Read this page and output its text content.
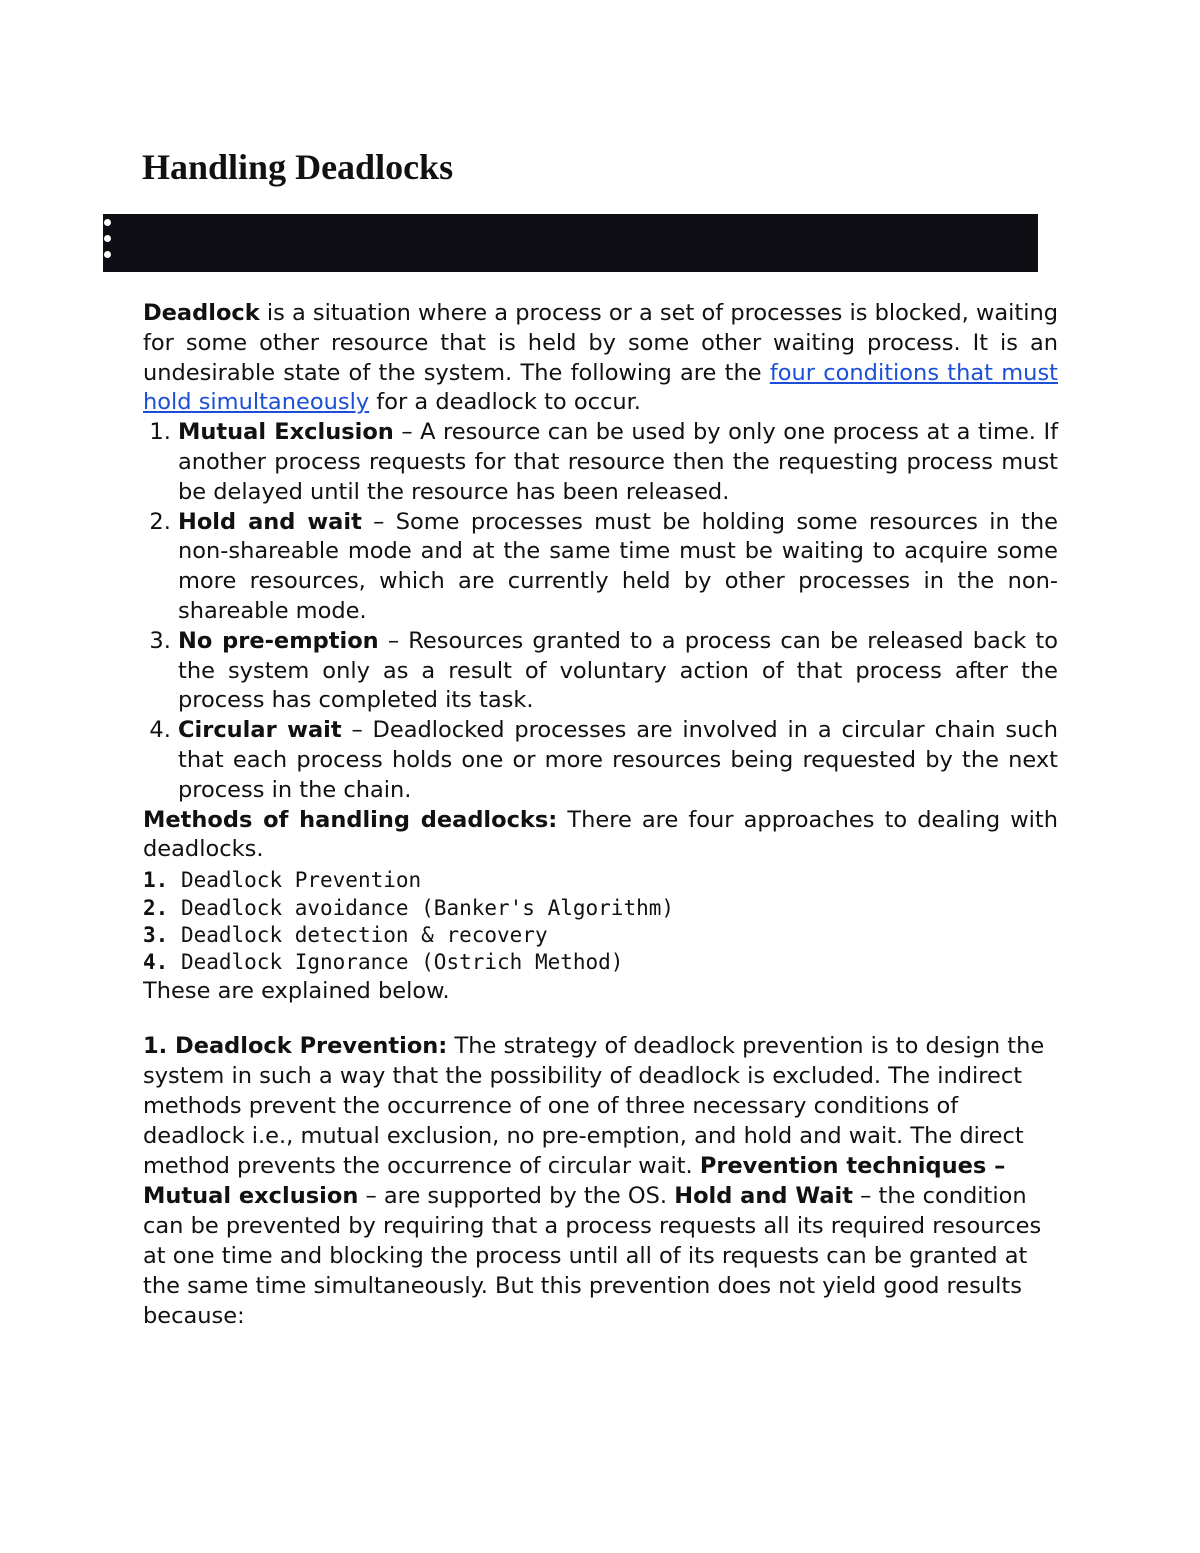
Handling Deadlocks

Deadlock is a situation where a process or a set of processes is blocked, waiting for some other resource that is held by some other waiting process. It is an undesirable state of the system. The following are the four conditions that must hold simultaneously for a deadlock to occur.

1. Mutual Exclusion – A resource can be used by only one process at a time. If another process requests for that resource then the requesting process must be delayed until the resource has been released.
2. Hold and wait – Some processes must be holding some resources in the non-shareable mode and at the same time must be waiting to acquire some more resources, which are currently held by other processes in the non-shareable mode.
3. No pre-emption – Resources granted to a process can be released back to the system only as a result of voluntary action of that process after the process has completed its task.
4. Circular wait – Deadlocked processes are involved in a circular chain such that each process holds one or more resources being requested by the next process in the chain.

Methods of handling deadlocks: There are four approaches to dealing with deadlocks.

1. Deadlock Prevention
2. Deadlock avoidance (Banker's Algorithm)
3. Deadlock detection & recovery
4. Deadlock Ignorance (Ostrich Method)

These are explained below.

1. Deadlock Prevention: The strategy of deadlock prevention is to design the system in such a way that the possibility of deadlock is excluded. The indirect methods prevent the occurrence of one of three necessary conditions of deadlock i.e., mutual exclusion, no pre-emption, and hold and wait. The direct method prevents the occurrence of circular wait. Prevention techniques – Mutual exclusion – are supported by the OS. Hold and Wait – the condition can be prevented by requiring that a process requests all its required resources at one time and blocking the process until all of its requests can be granted at the same time simultaneously. But this prevention does not yield good results because:
